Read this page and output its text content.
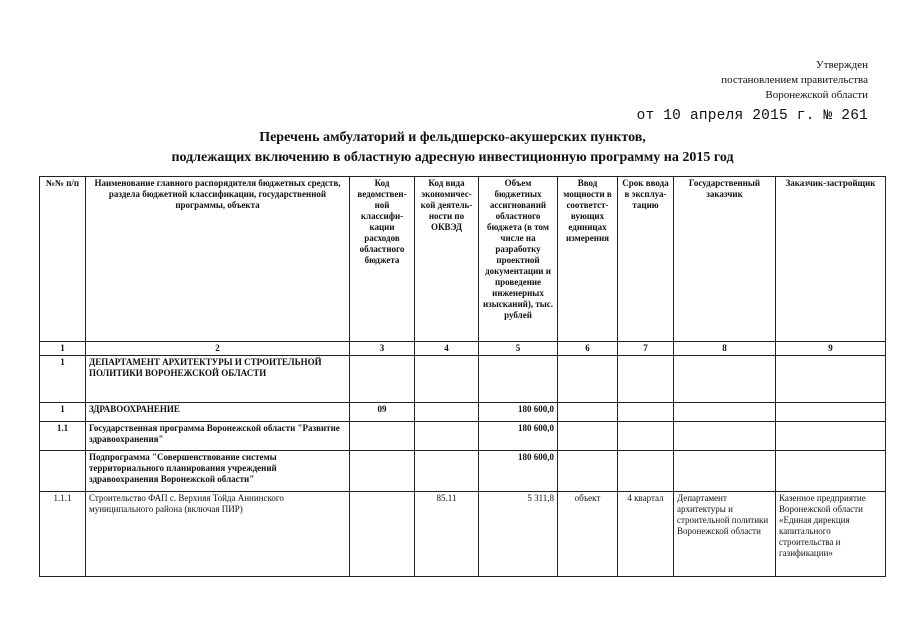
Утвержден
постановлением правительства
Воронежской области
от 10 апреля 2015 г. № 261
Перечень амбулаторий и фельдшерско-акушерских пунктов,
подлежащих включению в областную адресную инвестиционную программу на 2015 год
№№ п/п	Наименование главного распорядителя бюджетных средств, раздела бюджетной классификации, государственной программы, объекта	Код ведомствен-ной классифи-кации расходов областного бюджета	Код вида экономичес-кой деятель-ности по ОКВЭД	Объем бюджетных ассигнований областного бюджета (в том числе на разработку проектной документации и проведение инженерных изысканий), тыс. рублей	Ввод мощности в соответст-вующих единицах измерения	Срок ввода в эксплуа-тацию	Государственный заказчик	Заказчик-застройщик
1	2	3	4	5	6	7	8	9
1	ДЕПАРТАМЕНТ АРХИТЕКТУРЫ И СТРОИТЕЛЬНОЙ ПОЛИТИКИ ВОРОНЕЖСКОЙ ОБЛАСТИ							
1	ЗДРАВООХРАНЕНИЕ	09		180 600,0				
1.1	Государственная программа Воронежской области "Развитие здравоохранения"			180 600,0				
	Подпрограмма "Совершенствование системы территориального планирования учреждений здравоохранения Воронежской области"			180 600,0				
1.1.1	Строительство ФАП с. Верхняя Тойда Аннинского муниципального района (включая ПИР)		85.11	5 311,8	объект	4 квартал	Департамент архитектуры и строительной политики Воронежской области	Казенное предприятие Воронежской области «Единая дирекция капитального строительства и газификации»
